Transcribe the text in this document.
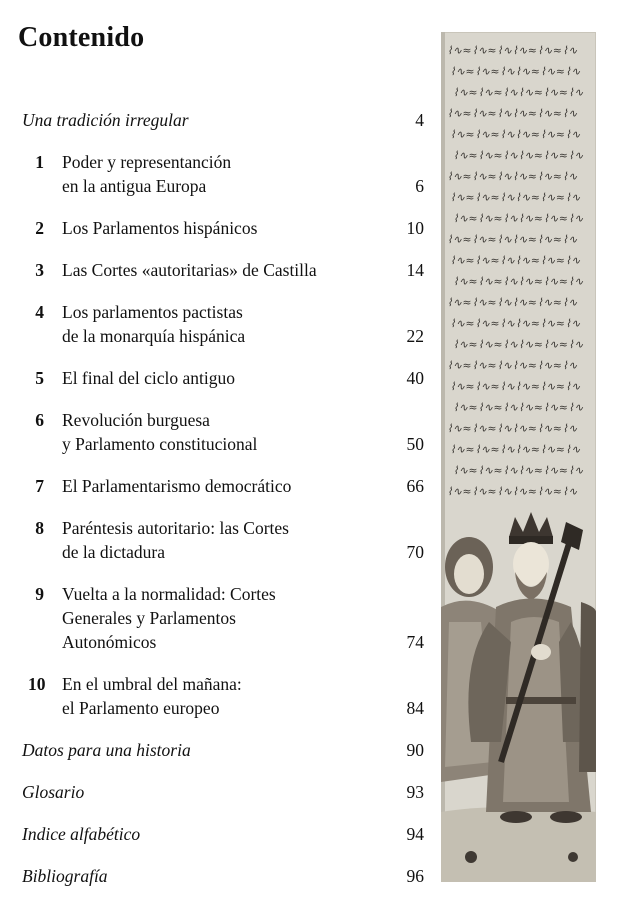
Contenido
Una tradición irregular	4
1 Poder y representanción
en la antigua Europa	6
2 Los Parlamentos hispánicos	10
3 Las Cortes «autoritarias» de Castilla	14
4 Los parlamentos pactistas
de la monarquía hispánica	22
5 El final del ciclo antiguo	40
6 Revolución burguesa
y Parlamento constitucional	50
7 El Parlamentarismo democrático	66
8 Paréntesis autoritario: las Cortes
de la dictadura	70
9 Vuelta a la normalidad: Cortes
Generales y Parlamentos
Autonómicos	74
10 En el umbral del mañana:
el Parlamento europeo	84
Datos para una historia	90
Glosario	93
Indice alfabético	94
Bibliografía	96
⌇∿≈⌇∿≈⌇∿⌇∿≈⌇∿≈⌇∿
⌇∿≈⌇∿≈⌇∿⌇∿≈⌇∿≈⌇∿
⌇∿≈⌇∿≈⌇∿⌇∿≈⌇∿≈⌇∿
⌇∿≈⌇∿≈⌇∿⌇∿≈⌇∿≈⌇∿
⌇∿≈⌇∿≈⌇∿⌇∿≈⌇∿≈⌇∿
⌇∿≈⌇∿≈⌇∿⌇∿≈⌇∿≈⌇∿
⌇∿≈⌇∿≈⌇∿⌇∿≈⌇∿≈⌇∿
⌇∿≈⌇∿≈⌇∿⌇∿≈⌇∿≈⌇∿
⌇∿≈⌇∿≈⌇∿⌇∿≈⌇∿≈⌇∿
⌇∿≈⌇∿≈⌇∿⌇∿≈⌇∿≈⌇∿
⌇∿≈⌇∿≈⌇∿⌇∿≈⌇∿≈⌇∿
⌇∿≈⌇∿≈⌇∿⌇∿≈⌇∿≈⌇∿
⌇∿≈⌇∿≈⌇∿⌇∿≈⌇∿≈⌇∿
⌇∿≈⌇∿≈⌇∿⌇∿≈⌇∿≈⌇∿
⌇∿≈⌇∿≈⌇∿⌇∿≈⌇∿≈⌇∿
⌇∿≈⌇∿≈⌇∿⌇∿≈⌇∿≈⌇∿
⌇∿≈⌇∿≈⌇∿⌇∿≈⌇∿≈⌇∿
⌇∿≈⌇∿≈⌇∿⌇∿≈⌇∿≈⌇∿
⌇∿≈⌇∿≈⌇∿⌇∿≈⌇∿≈⌇∿
⌇∿≈⌇∿≈⌇∿⌇∿≈⌇∿≈⌇∿
⌇∿≈⌇∿≈⌇∿⌇∿≈⌇∿≈⌇∿
⌇∿≈⌇∿≈⌇∿⌇∿≈⌇∿≈⌇∿
